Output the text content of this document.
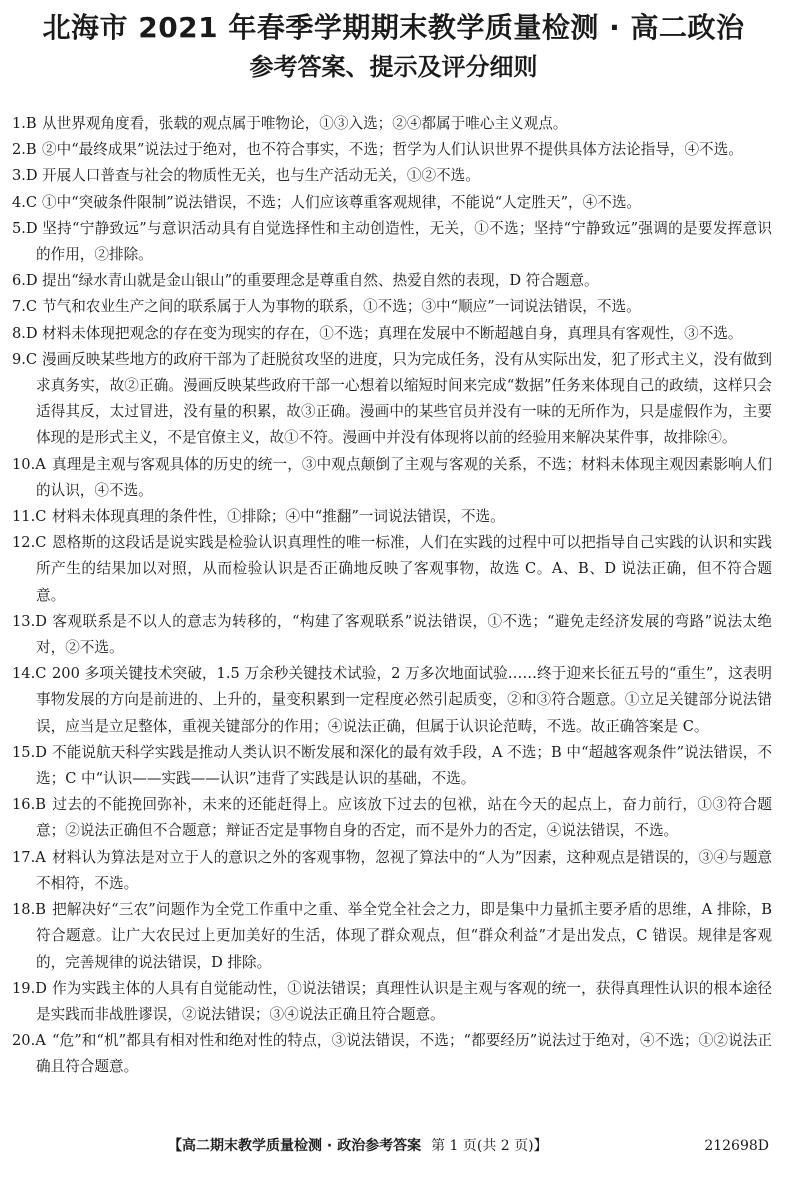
北海市 2021 年春季学期期末教学质量检测 · 高二政治
参考答案、提示及评分细则

1.B 从世界观角度看，张载的观点属于唯物论，①③入选；②④都属于唯心主义观点。

2.B ②中“最终成果”说法过于绝对，也不符合事实，不选；哲学为人们认识世界不提供具体方法论指导，④不选。

3.D 开展人口普查与社会的物质性无关，也与生产活动无关，①②不选。

4.C ①中“突破条件限制”说法错误，不选；人们应该尊重客观规律，不能说“人定胜天”，④不选。

5.D 坚持“宁静致远”与意识活动具有自觉选择性和主动创造性，无关，①不选；坚持“宁静致远”强调的是要发挥意识的作用，②排除。

6.D 提出“绿水青山就是金山银山”的重要理念是尊重自然、热爱自然的表现，D 符合题意。

7.C 节气和农业生产之间的联系属于人为事物的联系，①不选；③中“顺应”一词说法错误，不选。

8.D 材料未体现把观念的存在变为现实的存在，①不选；真理在发展中不断超越自身，真理具有客观性，③不选。

9.C 漫画反映某些地方的政府干部为了赶脱贫攻坚的进度，只为完成任务，没有从实际出发，犯了形式主义，没有做到求真务实，故②正确。漫画反映某些政府干部一心想着以缩短时间来完成“数据”任务来体现自己的政绩，这样只会适得其反，太过冒进，没有量的积累，故③正确。漫画中的某些官员并没有一味的无所作为，只是虚假作为，主要体现的是形式主义，不是官僚主义，故①不符。漫画中并没有体现将以前的经验用来解决某件事，故排除④。

10.A 真理是主观与客观具体的历史的统一，③中观点颠倒了主观与客观的关系，不选；材料未体现主观因素影响人们的认识，④不选。

11.C 材料未体现真理的条件性，①排除；④中“推翻”一词说法错误，不选。

12.C 恩格斯的这段话是说实践是检验认识真理性的唯一标准，人们在实践的过程中可以把指导自己实践的认识和实践所产生的结果加以对照，从而检验认识是否正确地反映了客观事物，故选 C。A、B、D 说法正确，但不符合题意。

13.D 客观联系是不以人的意志为转移的，“构建了客观联系”说法错误，①不选；“避免走经济发展的弯路”说法太绝对，②不选。

14.C 200 多项关键技术突破，1.5 万余秒关键技术试验，2 万多次地面试验……终于迎来长征五号的“重生”，这表明事物发展的方向是前进的、上升的，量变积累到一定程度必然引起质变，②和③符合题意。①立足关键部分说法错误，应当是立足整体，重视关键部分的作用；④说法正确，但属于认识论范畴，不选。故正确答案是 C。

15.D 不能说航天科学实践是推动人类认识不断发展和深化的最有效手段，A 不选；B 中“超越客观条件”说法错误，不选；C 中“认识——实践——认识”违背了实践是认识的基础，不选。

16.B 过去的不能挽回弥补，未来的还能赶得上。应该放下过去的包袱，站在今天的起点上，奋力前行，①③符合题意；②说法正确但不合题意；辩证否定是事物自身的否定，而不是外力的否定，④说法错误，不选。

17.A 材料认为算法是对立于人的意识之外的客观事物，忽视了算法中的“人为”因素，这种观点是错误的，③④与题意不相符，不选。

18.B 把解决好“三农”问题作为全党工作重中之重、举全党全社会之力，即是集中力量抓主要矛盾的思维，A 排除，B 符合题意。让广大农民过上更加美好的生活，体现了群众观点，但“群众利益”才是出发点，C 错误。规律是客观的，完善规律的说法错误，D 排除。

19.D 作为实践主体的人具有自觉能动性，①说法错误；真理性认识是主观与客观的统一，获得真理性认识的根本途径是实践而非战胜谬误，②说法错误；③④说法正确且符合题意。

20.A “危”和“机”都具有相对性和绝对性的特点，③说法错误，不选；“都要经历”说法过于绝对，④不选；①②说法正确且符合题意。

【高二期末教学质量检测 · 政治参考答案 第 1 页(共 2 页)】	212698D
